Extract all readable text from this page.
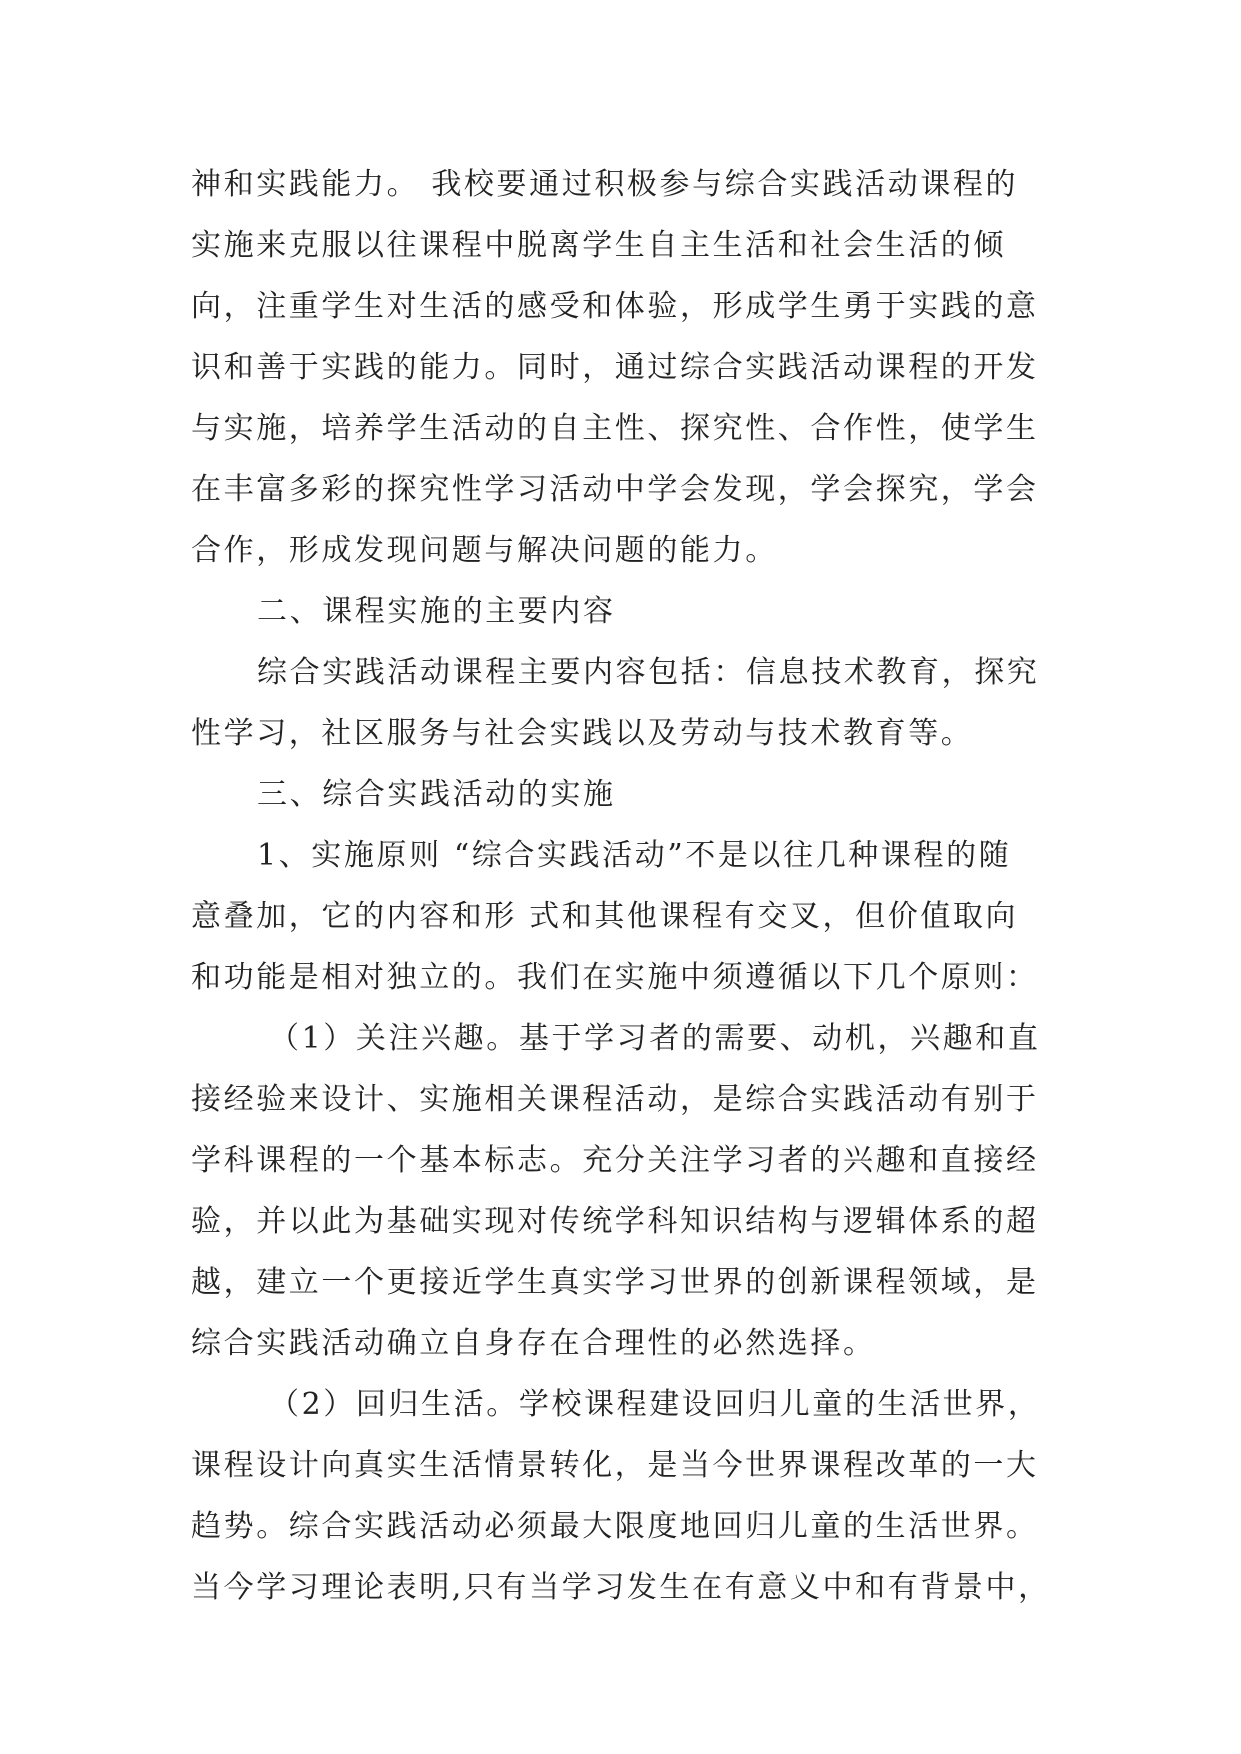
神和实践能力。 我校要通过积极参与综合实践活动课程的
实施来克服以往课程中脱离学生自主生活和社会生活的倾
向，注重学生对生活的感受和体验，形成学生勇于实践的意
识和善于实践的能力。同时，通过综合实践活动课程的开发
与实施，培养学生活动的自主性、探究性、合作性，使学生
在丰富多彩的探究性学习活动中学会发现，学会探究，学会
合作，形成发现问题与解决问题的能力。
二、课程实施的主要内容
综合实践活动课程主要内容包括：信息技术教育，探究
性学习，社区服务与社会实践以及劳动与技术教育等。
三、综合实践活动的实施
1、实施原则 “综合实践活动”不是以往几种课程的随
意叠加，它的内容和形 式和其他课程有交叉，但价值取向
和功能是相对独立的。我们在实施中须遵循以下几个原则：
（1）关注兴趣。基于学习者的需要、动机，兴趣和直
接经验来设计、实施相关课程活动，是综合实践活动有别于
学科课程的一个基本标志。充分关注学习者的兴趣和直接经
验，并以此为基础实现对传统学科知识结构与逻辑体系的超
越，建立一个更接近学生真实学习世界的创新课程领域，是
综合实践活动确立自身存在合理性的必然选择。
（2）回归生活。学校课程建设回归儿童的生活世界，
课程设计向真实生活情景转化，是当今世界课程改革的一大
趋势。综合实践活动必须最大限度地回归儿童的生活世界。
当今学习理论表明,只有当学习发生在有意义中和有背景中，
